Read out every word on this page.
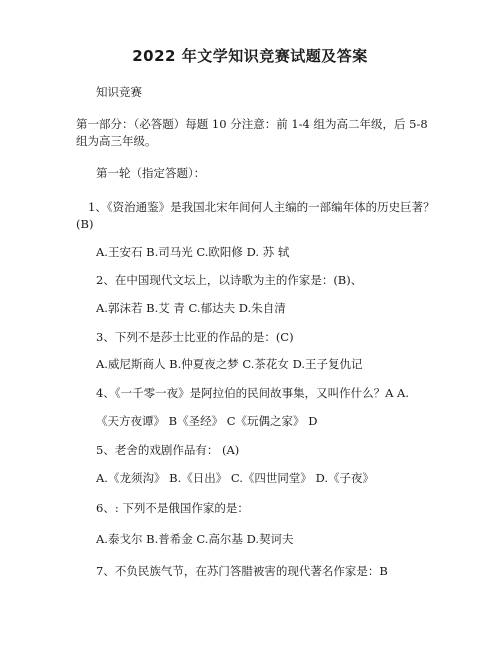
2022 年文学知识竞赛试题及答案
知识竞赛
第一部分：（必答题）每题 10 分注意：前 1-4 组为高二年级，后 5-8
组为高三年级。
第一轮（指定答题）：
1、《资治通鉴》是我国北宋年间何人主编的一部编年体的历史巨著？
(B)
A.王安石 B.司马光 C.欧阳修 D. 苏 轼
2、在中国现代文坛上，以诗歌为主的作家是：(B)、
A.郭沫若 B.艾 青 C.郁达夫 D.朱自清
3、下列不是莎士比亚的作品的是：(C)
A.威尼斯商人 B.仲夏夜之梦 C.茶花女 D.王子复仇记
4、《一千零一夜》是阿拉伯的民间故事集，又叫作什么？A A.
《天方夜谭》 B《圣经》 C《玩偶之家》 D
5、老舍的戏剧作品有： (A)
A.《龙须沟》 B.《日出》 C.《四世同堂》 D.《子夜》
6、: 下列不是俄国作家的是：
A.泰戈尔 B.普希金 C.高尔基 D.契诃夫
7、不负民族气节，在苏门答腊被害的现代著名作家是：B
